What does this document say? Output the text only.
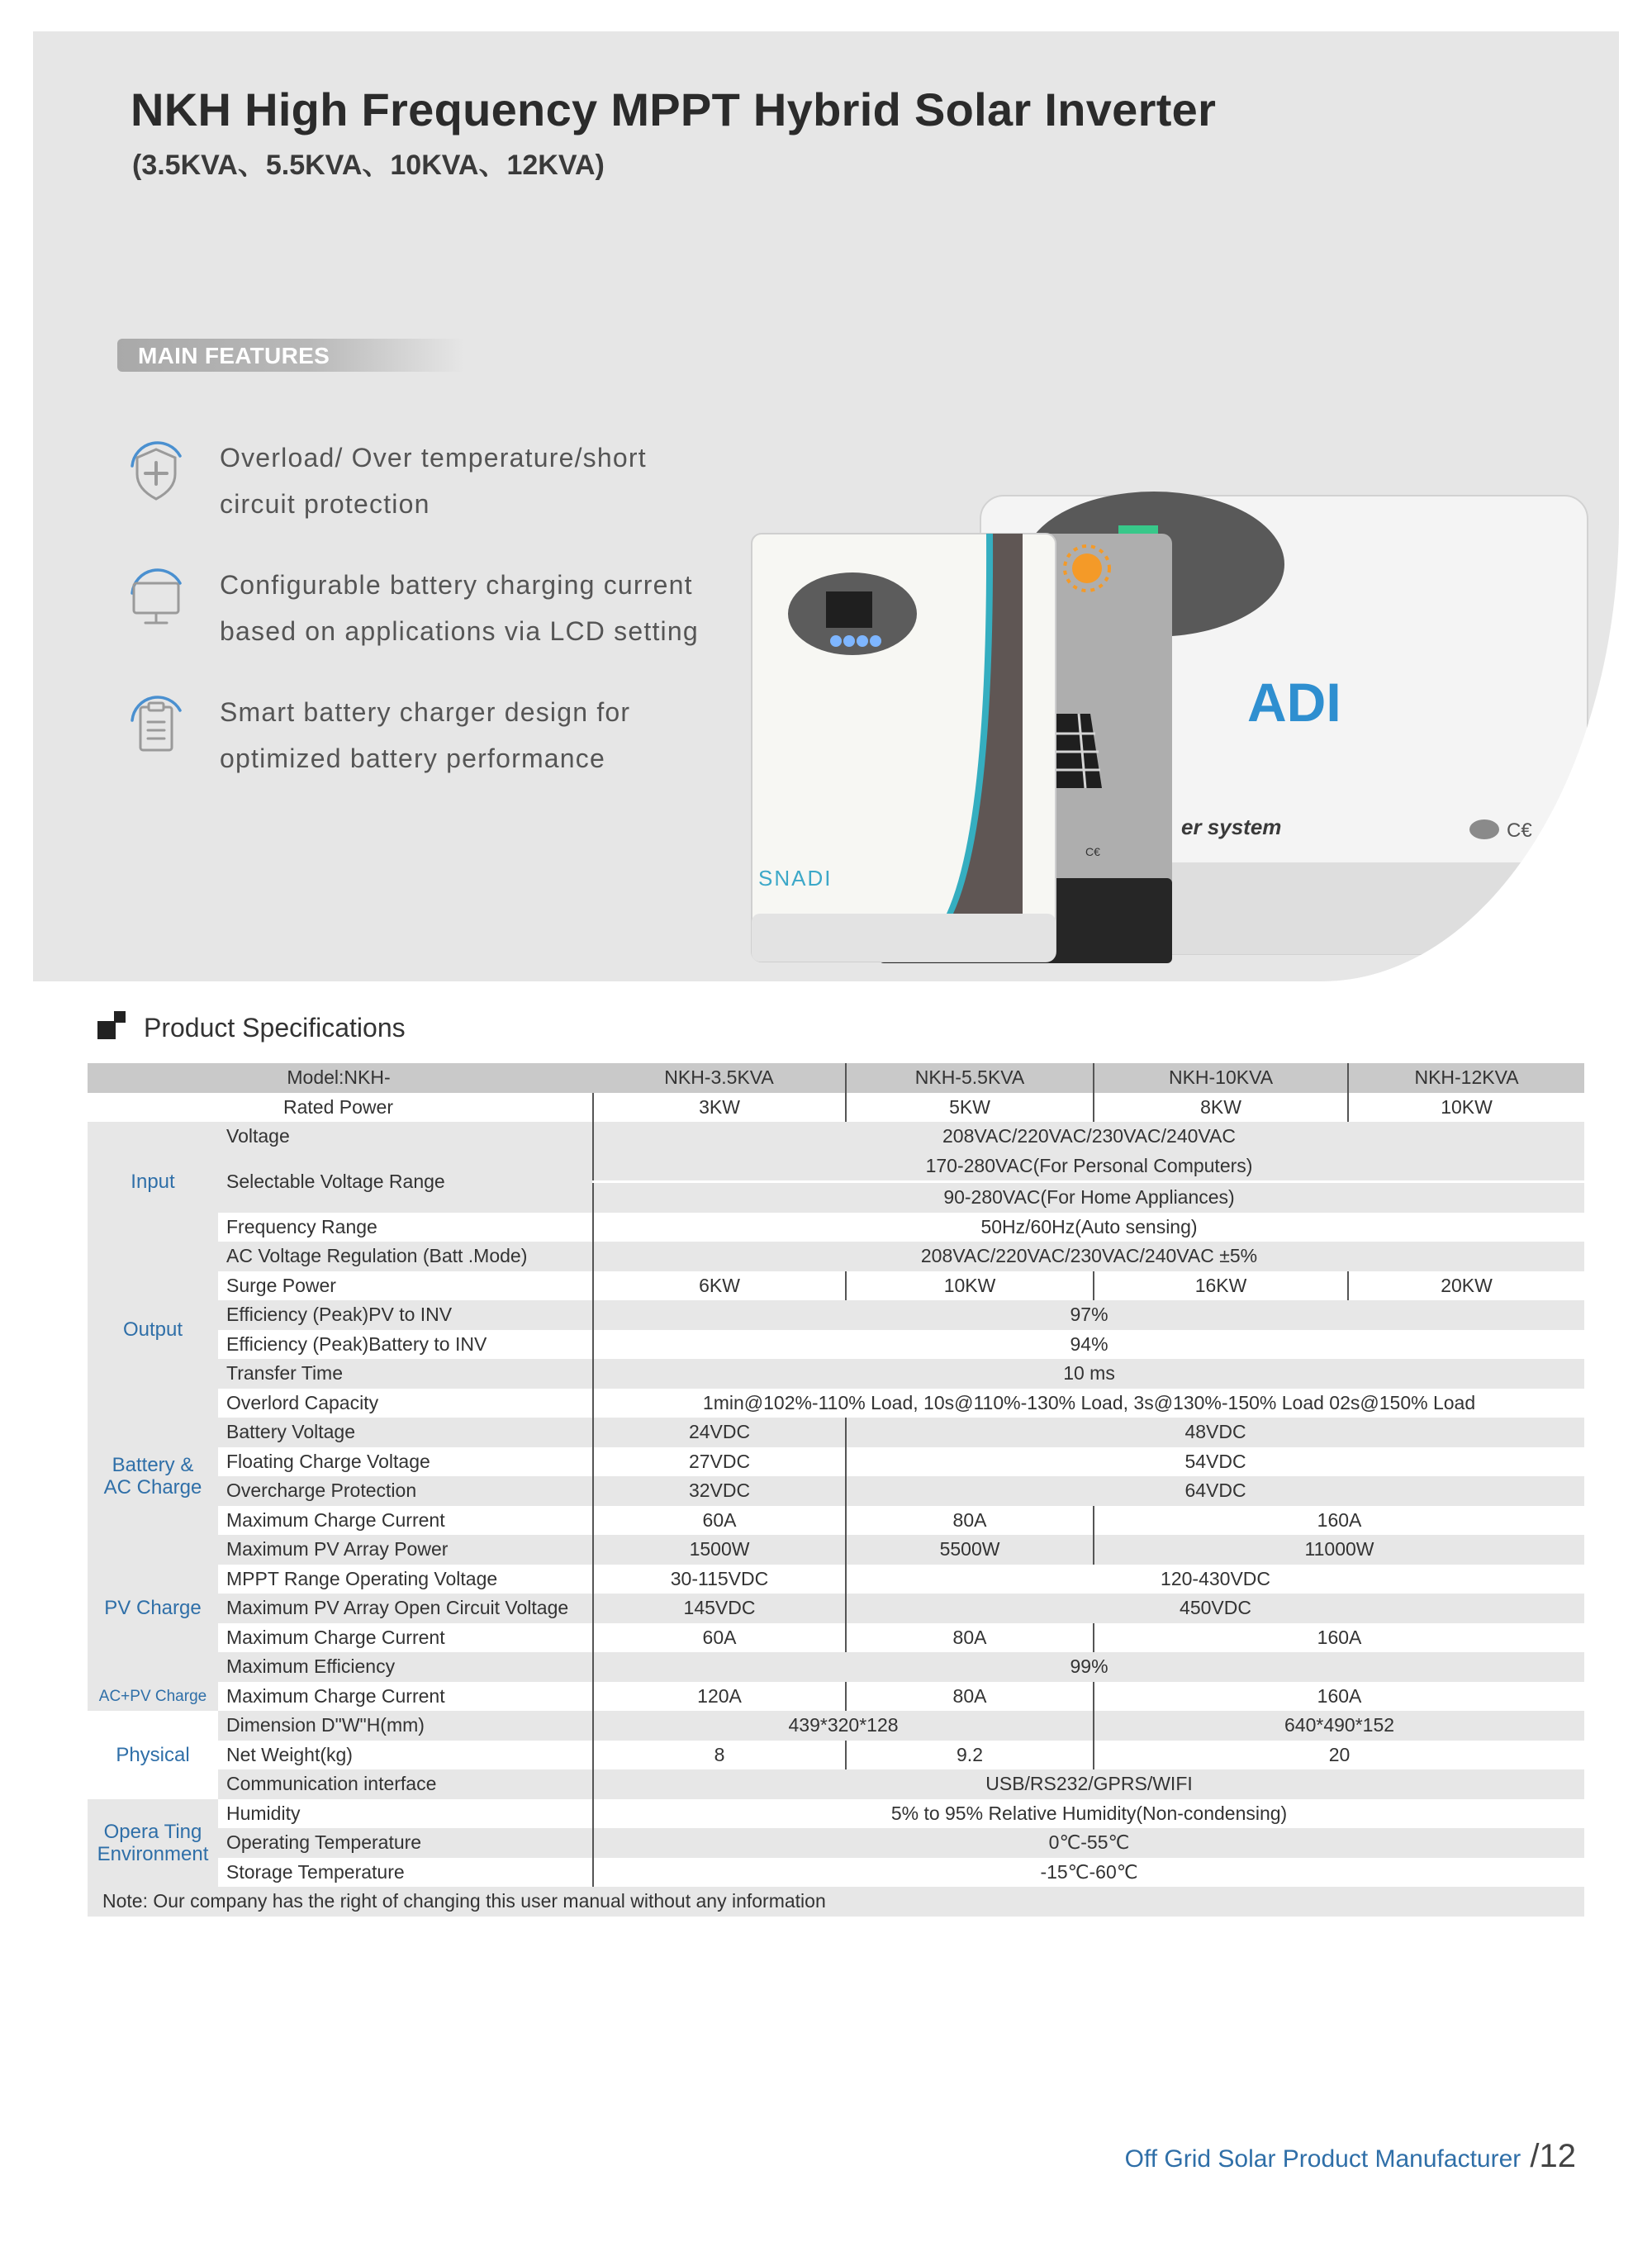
NKH High Frequency MPPT Hybrid Solar Inverter
(3.5KVA、5.5KVA、10KVA、12KVA)
MAIN FEATURES
Overload/ Over temperature/short
circuit protection
Configurable battery charging current
based on applications via LCD setting
Smart battery charger design for
optimized battery performance
ADI
er system	C€
C€
SNADI
Product Specifications
Model:NKH-		NKH-3.5KVA	NKH-5.5KVA	NKH-10KVA	NKH-12KVA
Rated Power		3KW	5KW	8KW	10KW
Input	Voltage	208VAC/220VAC/230VAC/240VAC			
	Selectable Voltage Range	170-280VAC(For Personal Computers)			
		90-280VAC(For Home Appliances)			
	Frequency Range	50Hz/60Hz(Auto sensing)			
Output	AC Voltage Regulation (Batt .Mode)	208VAC/220VAC/230VAC/240VAC ±5%			
	Surge Power	6KW	10KW	16KW	20KW
	Efficiency (Peak)PV to INV	97%			
	Efficiency (Peak)Battery to INV	94%			
	Transfer Time	10 ms			
	Overlord Capacity	1min@102%-110% Load, 10s@110%-130% Load, 3s@130%-150% Load 02s@150% Load			

Battery &
AC Charge	Battery Voltage	24VDC	48VDC		
	Floating Charge Voltage	27VDC	54VDC		
	Overcharge Protection	32VDC	64VDC		
	Maximum Charge Current	60A	80A	160A	
PV Charge	Maximum PV Array Power	1500W	5500W	11000W	
	MPPT Range Operating Voltage	30-115VDC	120-430VDC		
	Maximum PV Array Open Circuit Voltage	145VDC	450VDC		
	Maximum Charge Current	60A	80A	160A	
	Maximum Efficiency	99%			
AC+PV Charge	Maximum Charge Current	120A	80A	160A	
Physical	Dimension D"W"H(mm)	439*320*128		640*490*152	
	Net Weight(kg)	8	9.2	20	
	Communication interface	USB/RS232/GPRS/WIFI			

Opera Ting
Environment	Humidity	5% to 95% Relative Humidity(Non-condensing)			
	Operating Temperature	0℃-55℃			
	Storage Temperature	-15℃-60℃			
Note: Our company has the right of changing this user manual without any information					
Off Grid Solar Product Manufacturer /12
